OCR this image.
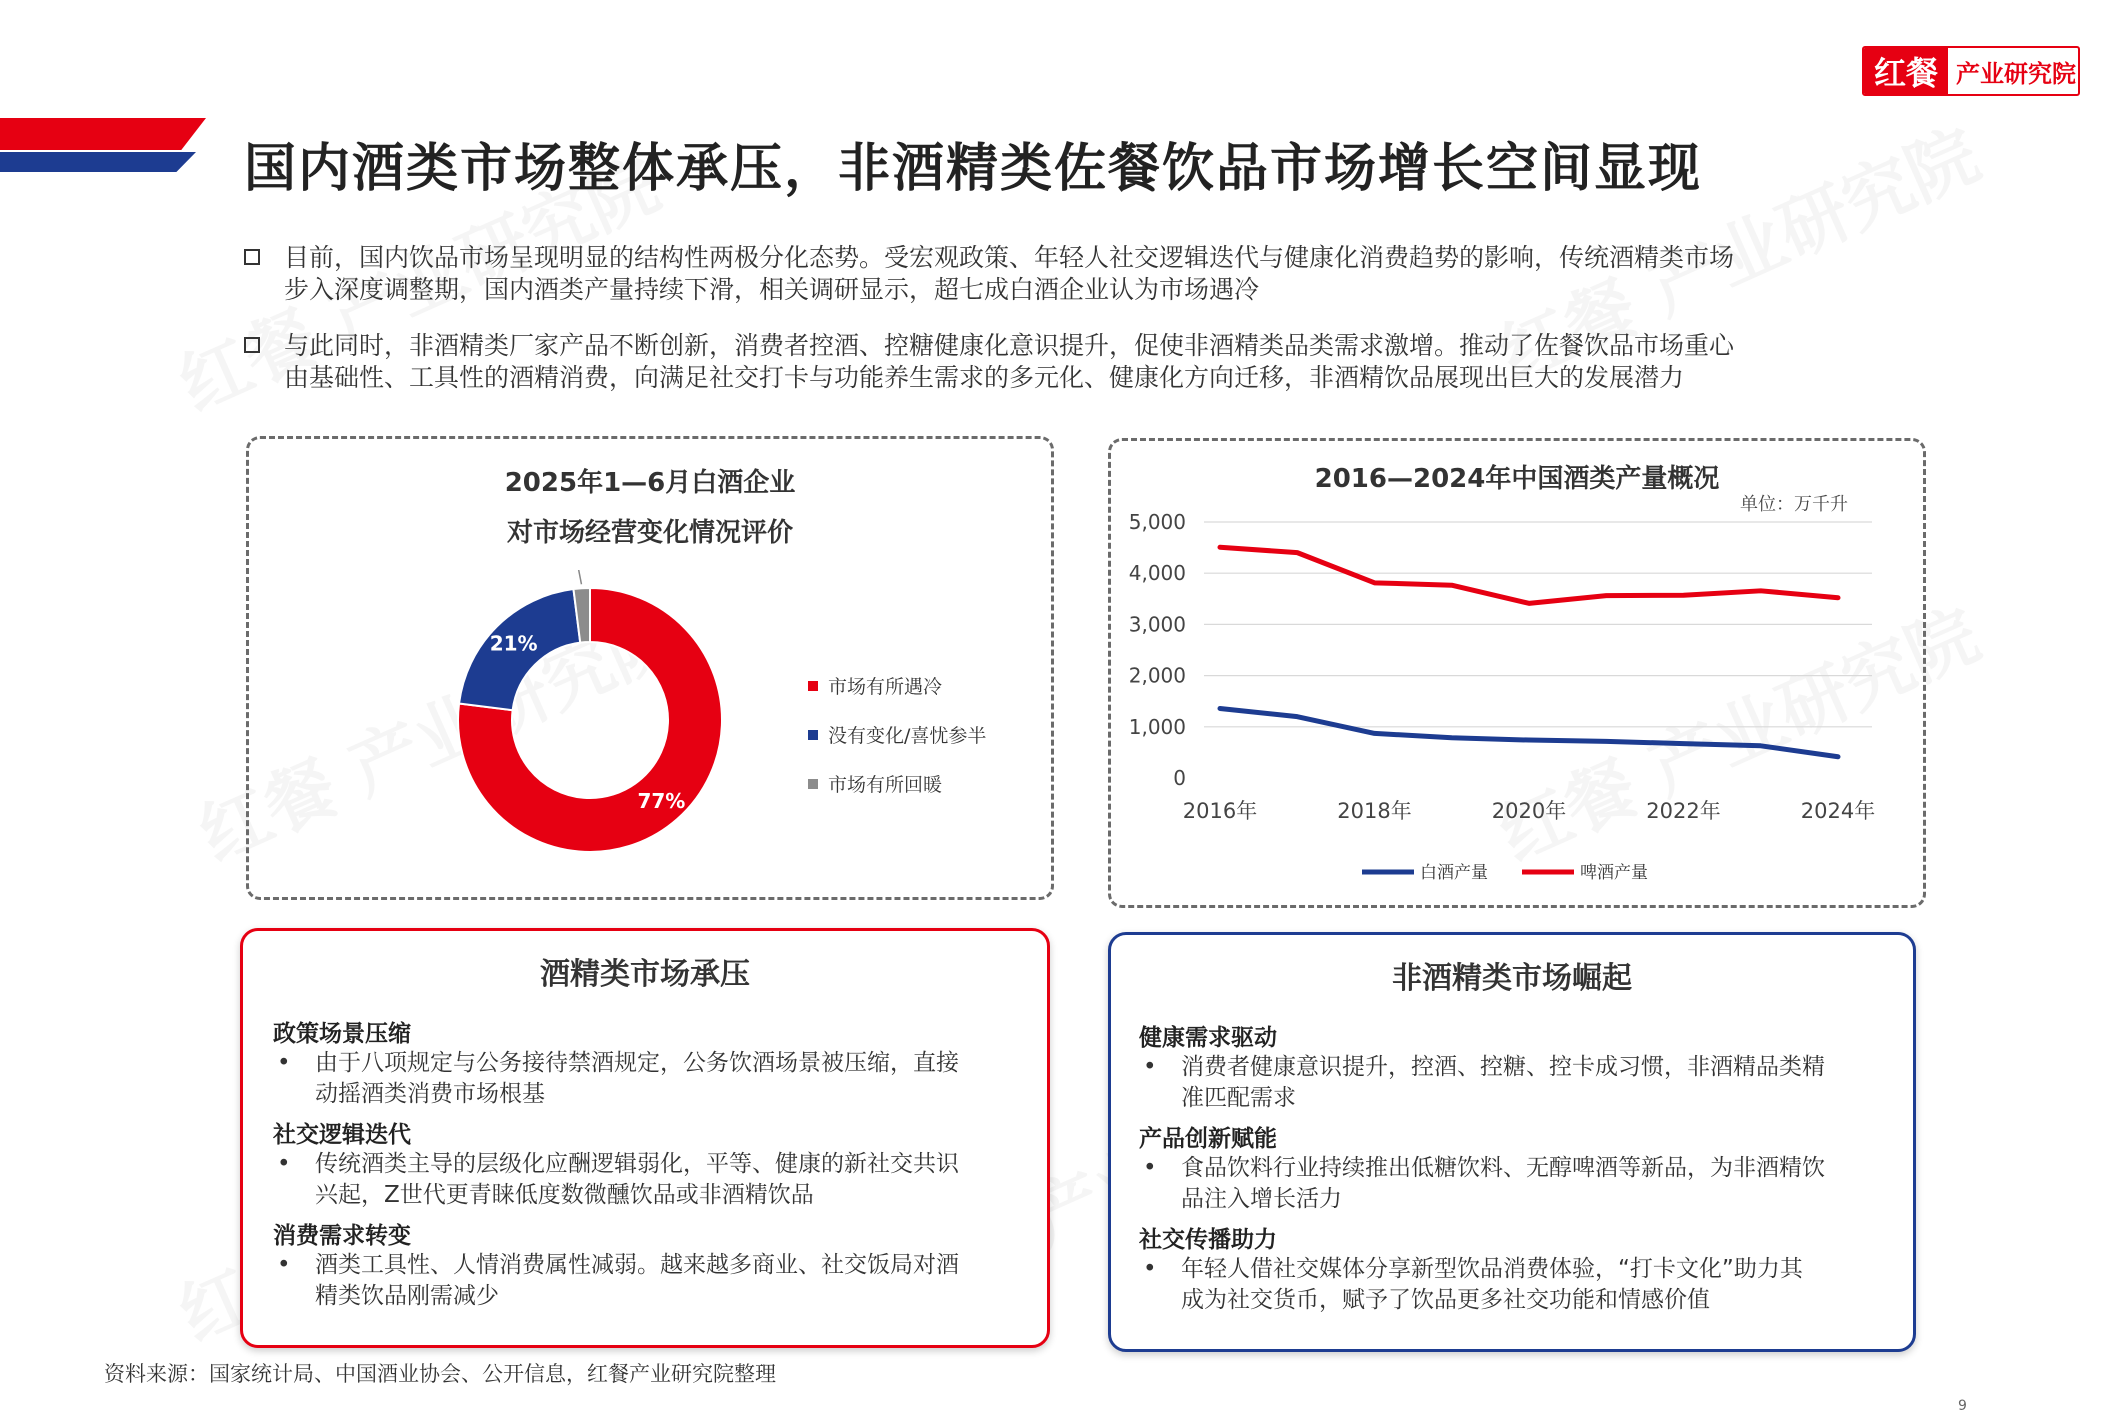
红餐 产业研究院
国内酒类市场整体承压，非酒精类佐餐饮品市场增长空间显现
目前，国内饮品市场呈现明显的结构性两极分化态势。受宏观政策、年轻人社交逻辑迭代与健康化消费趋势的影响，传统酒精类市场
步入深度调整期，国内酒类产量持续下滑，相关调研显示，超七成白酒企业认为市场遇冷
与此同时，非酒精类厂家产品不断创新，消费者控酒、控糖健康化意识提升，促使非酒精类品类需求激增。推动了佐餐饮品市场重心
由基础性、工具性的酒精消费，向满足社交打卡与功能养生需求的多元化、健康化方向迁移，非酒精饮品展现出巨大的发展潜力
2025年1—6月白酒企业
对市场经营变化情况评价
77%
21%
市场有所遇冷
没有变化/喜忧参半
市场有所回暖
2016—2024年中国酒类产量概况
单位：万千升
5,000
4,000
3,000
2,000
1,000
0
2016年	2018年	2020年	2022年	2024年
白酒产量	啤酒产量
酒精类市场承压
政策场景压缩
•	由于八项规定与公务接待禁酒规定，公务饮酒场景被压缩，直接
动摇酒类消费市场根基
社交逻辑迭代
•	传统酒类主导的层级化应酬逻辑弱化，平等、健康的新社交共识
兴起，Z世代更青睐低度数微醺饮品或非酒精饮品
消费需求转变
•	酒类工具性、人情消费属性减弱。越来越多商业、社交饭局对酒
精类饮品刚需减少
非酒精类市场崛起
健康需求驱动
•	消费者健康意识提升，控酒、控糖、控卡成习惯，非酒精品类精
准匹配需求
产品创新赋能
•	食品饮料行业持续推出低糖饮料、无醇啤酒等新品，为非酒精饮
品注入增长活力
社交传播助力
•	年轻人借社交媒体分享新型饮品消费体验，“打卡文化”助力其
成为社交货币，赋予了饮品更多社交功能和情感价值
资料来源：国家统计局、中国酒业协会、公开信息，红餐产业研究院整理
9
